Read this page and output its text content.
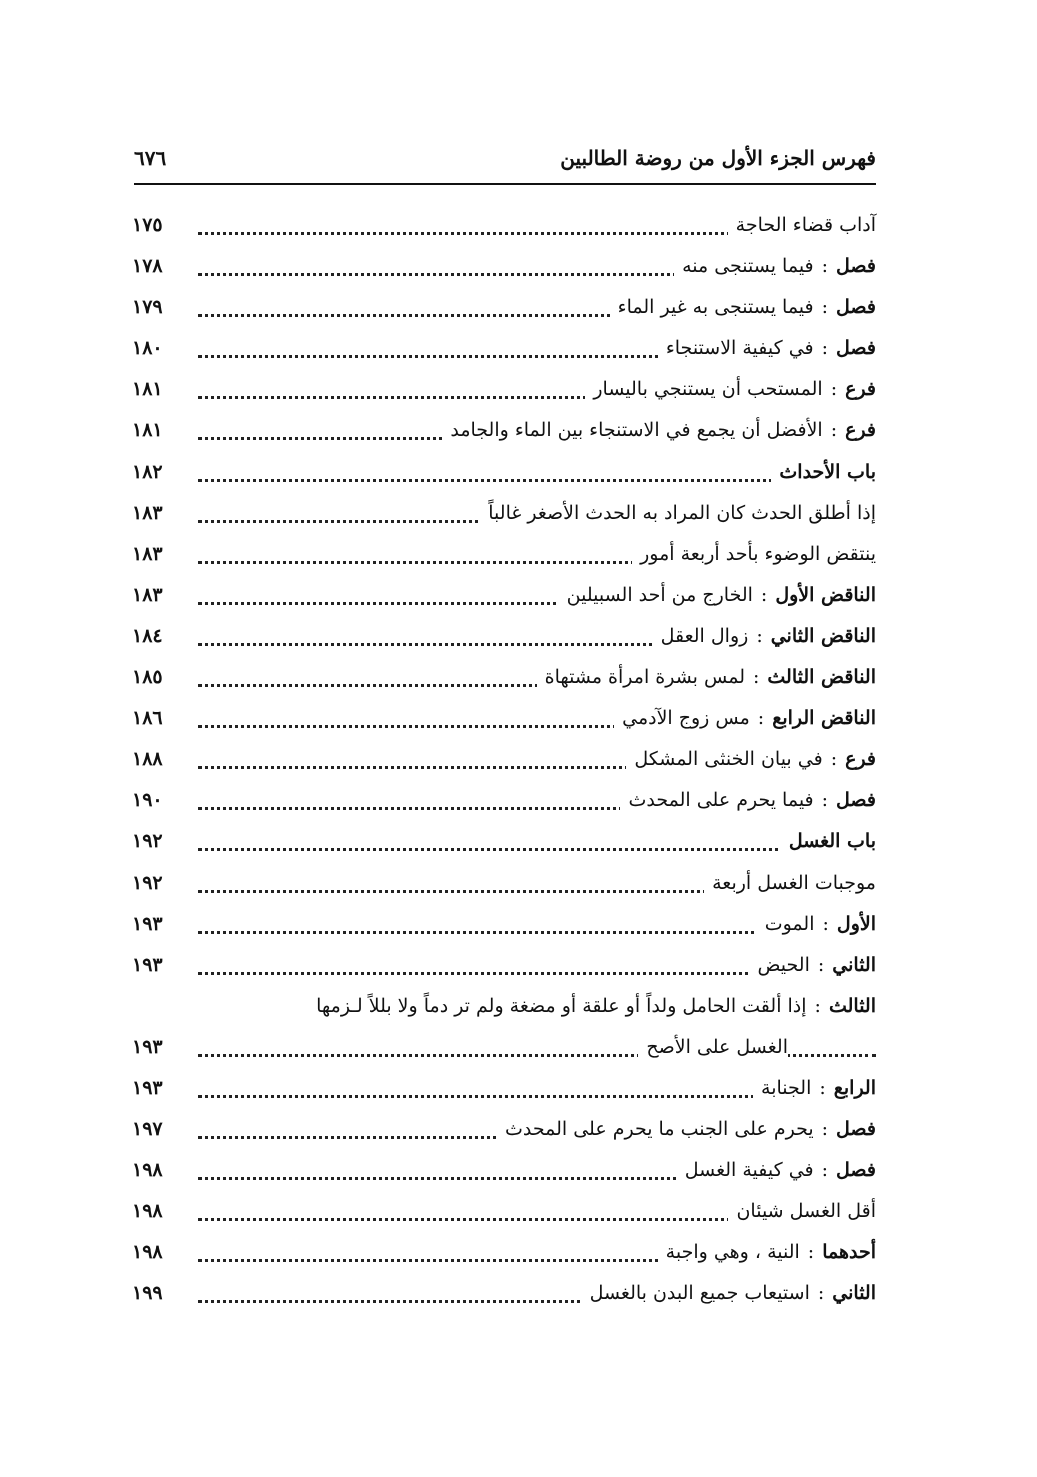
فهرس الجزء الأول من روضة الطالبين
٦٧٦
آداب قضاء الحاجة
١٧٥
فصل:فيما يستنجى منه
١٧٨
فصل:فيما يستنجى به غير الماء
١٧٩
فصل:في كيفية الاستنجاء
١٨٠
فرع:المستحب أن يستنجي باليسار
١٨١
فرع:الأفضل أن يجمع في الاستنجاء بين الماء والجامد
١٨١
باب الأحداث
١٨٢
إذا أطلق الحدث كان المراد به الحدث الأصغر غالباً
١٨٣
ينتقض الوضوء بأحد أربعة أمور
١٨٣
الناقض الأول:الخارج من أحد السبيلين
١٨٣
الناقض الثاني:زوال العقل
١٨٤
الناقض الثالث:لمس بشرة امرأة مشتهاة
١٨٥
الناقض الرابع:مس زوج الآدمي
١٨٦
فرع:في بيان الخنثى المشكل
١٨٨
فصل:فيما يحرم على المحدث
١٩٠
باب الغسل
١٩٢
موجبات الغسل أربعة
١٩٢
الأول:الموت
١٩٣
الثاني:الحيض
١٩٣
الثالث:إذا ألقت الحامل ولداً أو علقة أو مضغة ولم تر دماً ولا بللاً لـزمها
الغسل على الأصح
١٩٣
الرابع:الجنابة
١٩٣
فصل:يحرم على الجنب ما يحرم على المحدث
١٩٧
فصل:في كيفية الغسل
١٩٨
أقل الغسل شيئان
١٩٨
أحدهما:النية ، وهي واجبة
١٩٨
الثاني:استيعاب جميع البدن بالغسل
١٩٩
